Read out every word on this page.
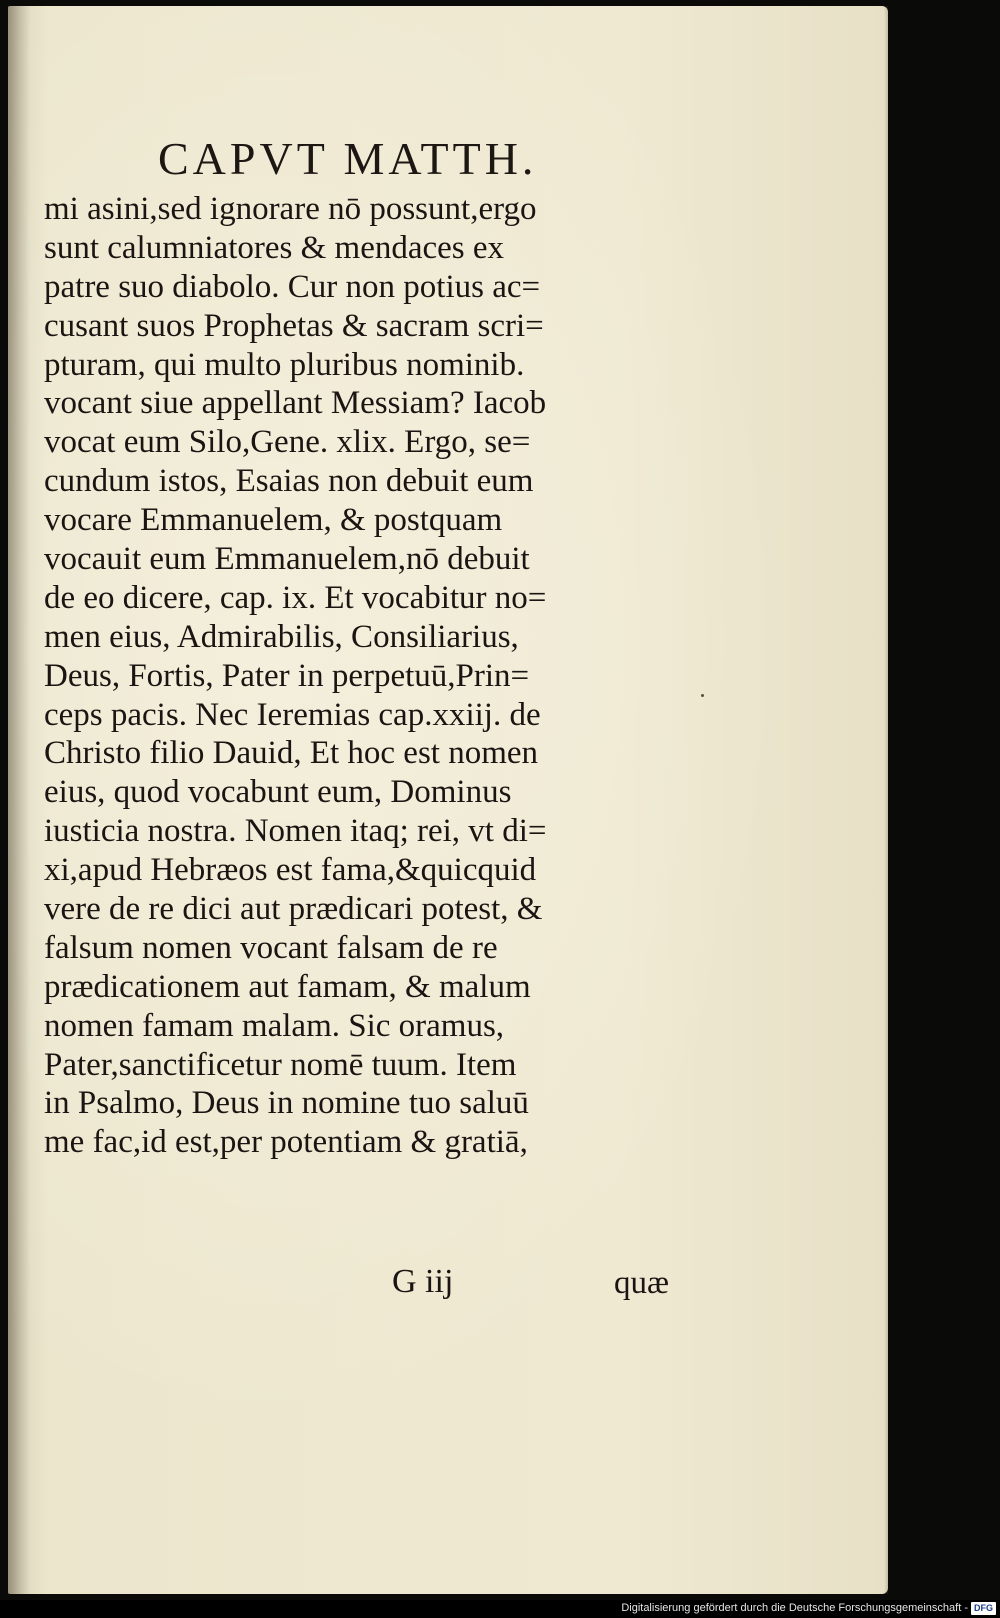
CAPVT MATTH.
mi asini,sed ignorare nō possunt,ergo
sunt calumniatores & mendaces ex
patre suo diabolo. Cur non potius ac=
cusant suos Prophetas & sacram scri=
pturam, qui multo pluribus nominib.
vocant siue appellant Messiam? Iacob
vocat eum Silo,Gene. xlix. Ergo, se=
cundum istos, Esaias non debuit eum
vocare Emmanuelem, & postquam
vocauit eum Emmanuelem,nō debuit
de eo dicere, cap. ix. Et vocabitur no=
men eius, Admirabilis, Consiliarius,
Deus, Fortis, Pater in perpetuū,Prin=
ceps pacis. Nec Ieremias cap.xxiij. de
Christo filio Dauid, Et hoc est nomen
eius, quod vocabunt eum, Dominus
iusticia nostra. Nomen itaq; rei, vt di=
xi,apud Hebræos est fama,&quicquid
vere de re dici aut prædicari potest, &
falsum nomen vocant falsam de re
prædicationem aut famam, & malum
nomen famam malam. Sic oramus,
Pater,sanctificetur nomē tuum. Item
in Psalmo, Deus in nomine tuo saluū
me fac,id est,per potentiam & gratiā,
G iij	quæ
Digitalisierung gefördert durch die Deutsche Forschungsgemeinschaft - DFG
